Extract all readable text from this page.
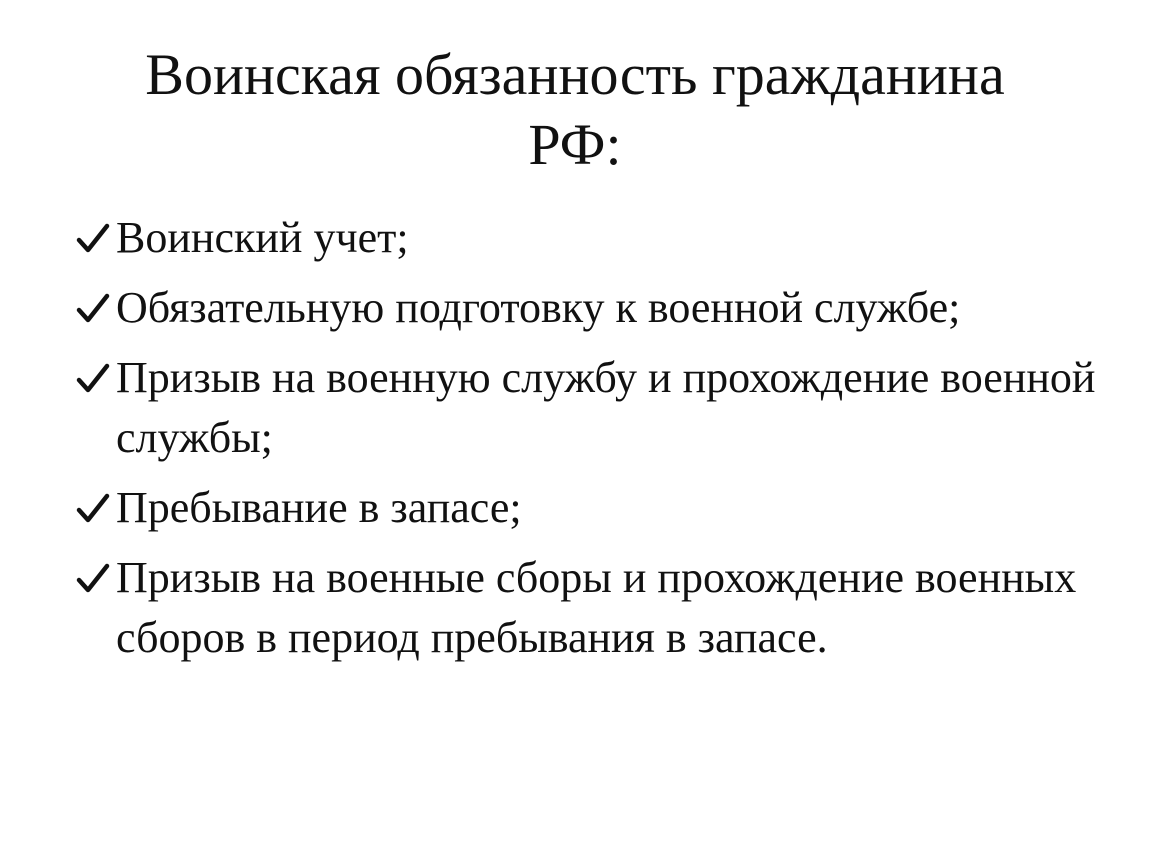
Воинская обязанность гражданина
РФ:
Воинский учет;
Обязательную подготовку к военной службе;
Призыв на военную службу и прохождение военной службы;
Пребывание в запасе;
Призыв на военные сборы и прохождение военных сборов в период пребывания в запасе.
